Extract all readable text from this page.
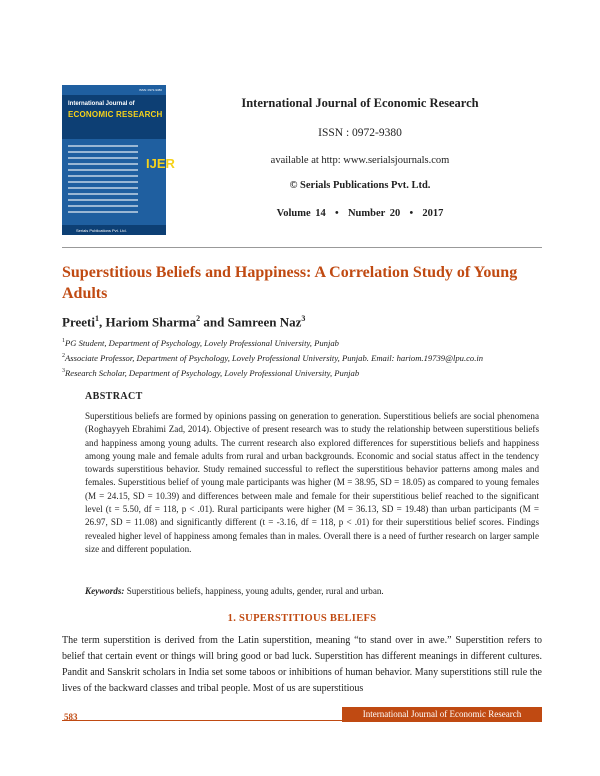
ISSN: 0972-9380
International Journal of
ECONOMIC RESEARCH
IJER
Serials Publications Pvt. Ltd.
International Journal of Economic Research
ISSN : 0972-9380
available at http: www.serialsjournals.com
© Serials Publications Pvt. Ltd.
Volume 14  •  Number 20  •  2017
Superstitious Beliefs and Happiness: A Correlation Study of Young Adults
Preeti$^1$, Hariom Sharma$^2$ and Samreen Naz$^3$
$^1$PG Student, Department of Psychology, Lovely Professional University, Punjab
$^2$Associate Professor, Department of Psychology, Lovely Professional University, Punjab. Email: hariom.19739@lpu.co.in
$^3$Research Scholar, Department of Psychology, Lovely Professional University, Punjab
ABSTRACT
Superstitious beliefs are formed by opinions passing on generation to generation. Superstitious beliefs are social phenomena (Roghayyeh Ebrahimi Zad, 2014). Objective of present research was to study the relationship between superstitious beliefs and happiness among young adults. The current research also explored differences for superstitious beliefs and happiness among young male and female adults from rural and urban backgrounds. Economic and social status affect in the tendency towards superstitious behavior. Study remained successful to reflect the superstitious behavior patterns among males and females. Superstitious belief of young male participants was higher (M = 38.95, SD = 18.05) as compared to young females (M = 24.15, SD = 10.39) and differences between male and female for their superstitious belief reached to the significant level (t = 5.50, df = 118, p < .01). Rural participants were higher (M = 36.13, SD = 19.48) than urban participants (M = 26.97, SD = 11.08) and significantly different (t = -3.16, df = 118, p < .01) for their superstitious belief scores. Findings revealed higher level of happiness among females than in males. Overall there is a need of further research on larger sample size and different population.
Keywords: Superstitious beliefs, happiness, young adults, gender, rural and urban.
1. SUPERSTITIOUS BELIEFS
The term superstition is derived from the Latin superstition, meaning “to stand over in awe.” Superstition refers to belief that certain event or things will bring good or bad luck. Superstition has different meanings in different cultures. Pandit and Sanskrit scholars in India set some taboos or inhibitions of human behavior. Many superstitions still rule the lives of the backward classes and tribal people. Most of us are superstitious
583	International Journal of Economic Research
